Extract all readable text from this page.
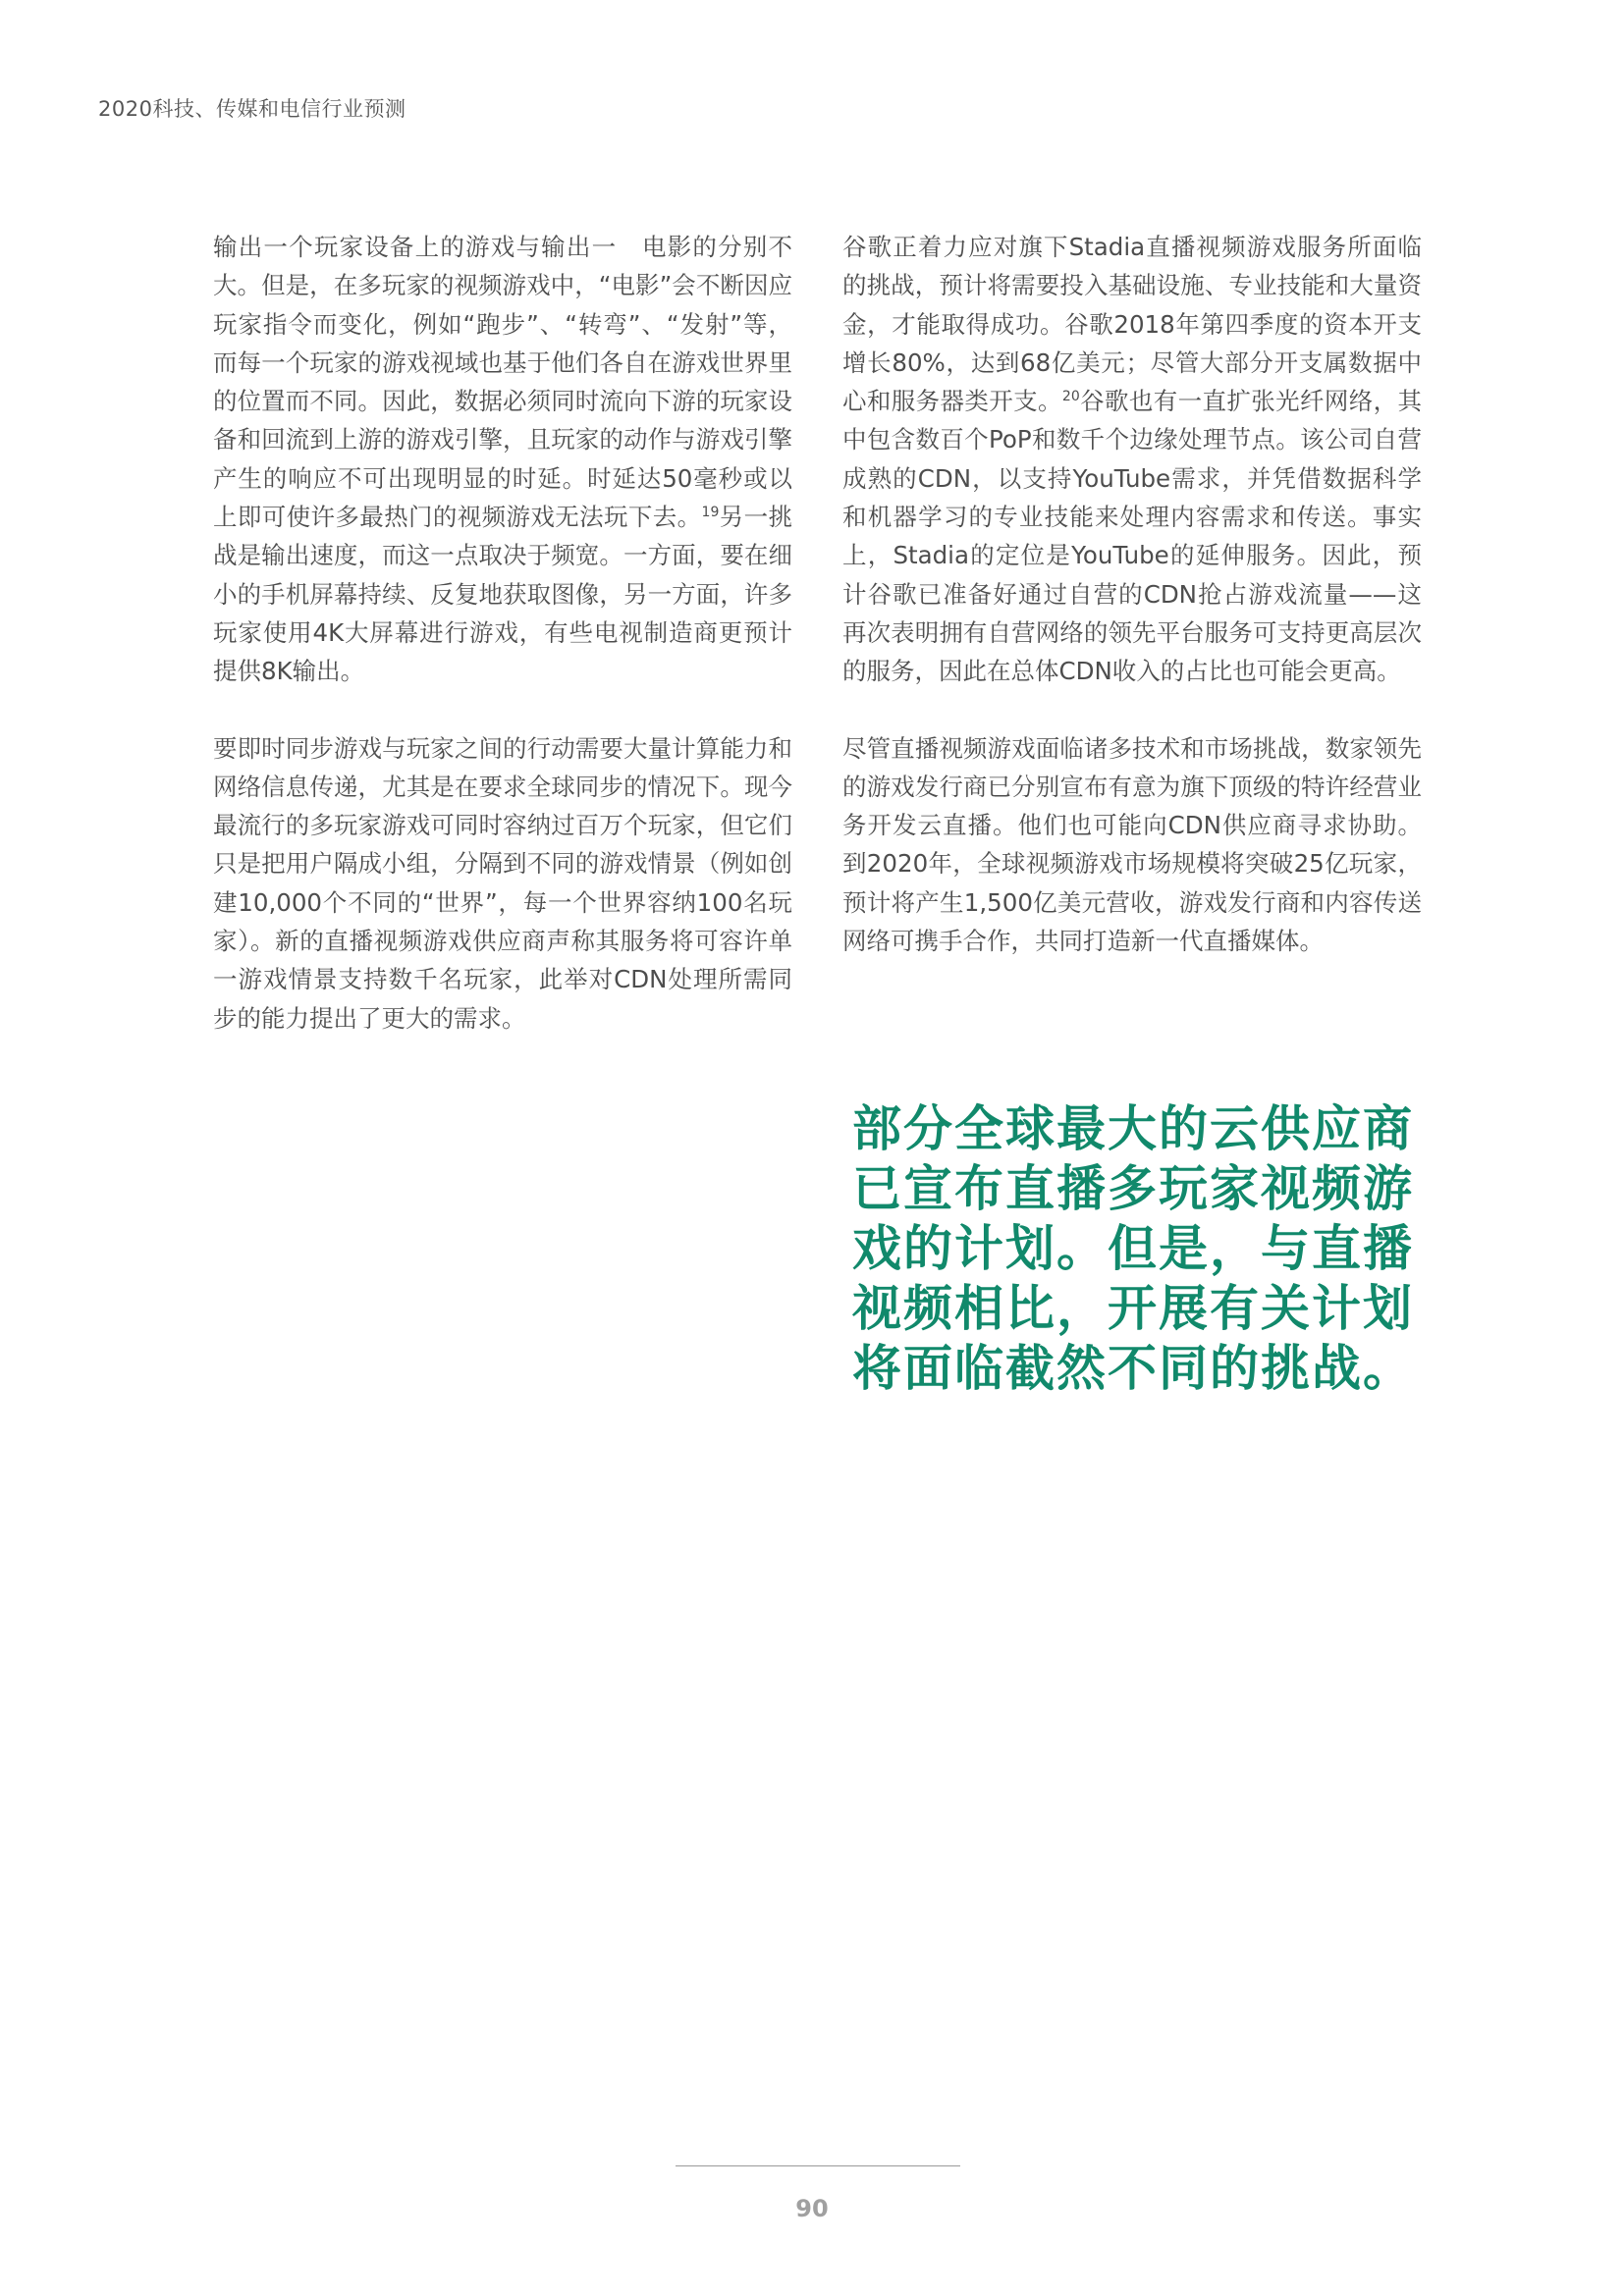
2020科技、传媒和电信行业预测

输出一个玩家设备上的游戏与输出一　电影的分别不大。但是，在多玩家的视频游戏中，“电影”会不断因应玩家指令而变化，例如“跑步”、“转弯”、“发射”等，而每一个玩家的游戏视域也基于他们各自在游戏世界里的位置而不同。因此，数据必须同时流向下游的玩家设备和回流到上游的游戏引擎，且玩家的动作与游戏引擎产生的响应不可出现明显的时延。时延达50毫秒或以上即可使许多最热门的视频游戏无法玩下去。$^{19}$另一挑战是输出速度，而这一点取决于频宽。一方面，要在细小的手机屏幕持续、反复地获取图像，另一方面，许多玩家使用4K大屏幕进行游戏，有些电视制造商更预计提供8K输出。

要即时同步游戏与玩家之间的行动需要大量计算能力和网络信息传递，尤其是在要求全球同步的情况下。现今最流行的多玩家游戏可同时容纳过百万个玩家，但它们只是把用户隔成小组，分隔到不同的游戏情景（例如创建10,000个不同的“世界”，每一个世界容纳100名玩家）。新的直播视频游戏供应商声称其服务将可容许单一游戏情景支持数千名玩家，此举对CDN处理所需同步的能力提出了更大的需求。

谷歌正着力应对旗下Stadia直播视频游戏服务所面临的挑战，预计将需要投入基础设施、专业技能和大量资金，才能取得成功。谷歌2018年第四季度的资本开支增长80%，达到68亿美元；尽管大部分开支属数据中心和服务器类开支。$^{20}$谷歌也有一直扩张光纤网络，其中包含数百个PoP和数千个边缘处理节点。该公司自营成熟的CDN，以支持YouTube需求，并凭借数据科学和机器学习的专业技能来处理内容需求和传送。事实上，Stadia的定位是YouTube的延伸服务。因此，预计谷歌已准备好通过自营的CDN抢占游戏流量——这再次表明拥有自营网络的领先平台服务可支持更高层次的服务，因此在总体CDN收入的占比也可能会更高。

尽管直播视频游戏面临诸多技术和市场挑战，数家领先的游戏发行商已分别宣布有意为旗下顶级的特许经营业务开发云直播。他们也可能向CDN供应商寻求协助。到2020年，全球视频游戏市场规模将突破25亿玩家，预计将产生1,500亿美元营收，游戏发行商和内容传送网络可携手合作，共同打造新一代直播媒体。

部分全球最大的云供应商已宣布直播多玩家视频游戏的计划。但是，与直播视频相比，开展有关计划将面临截然不同的挑战。
90
